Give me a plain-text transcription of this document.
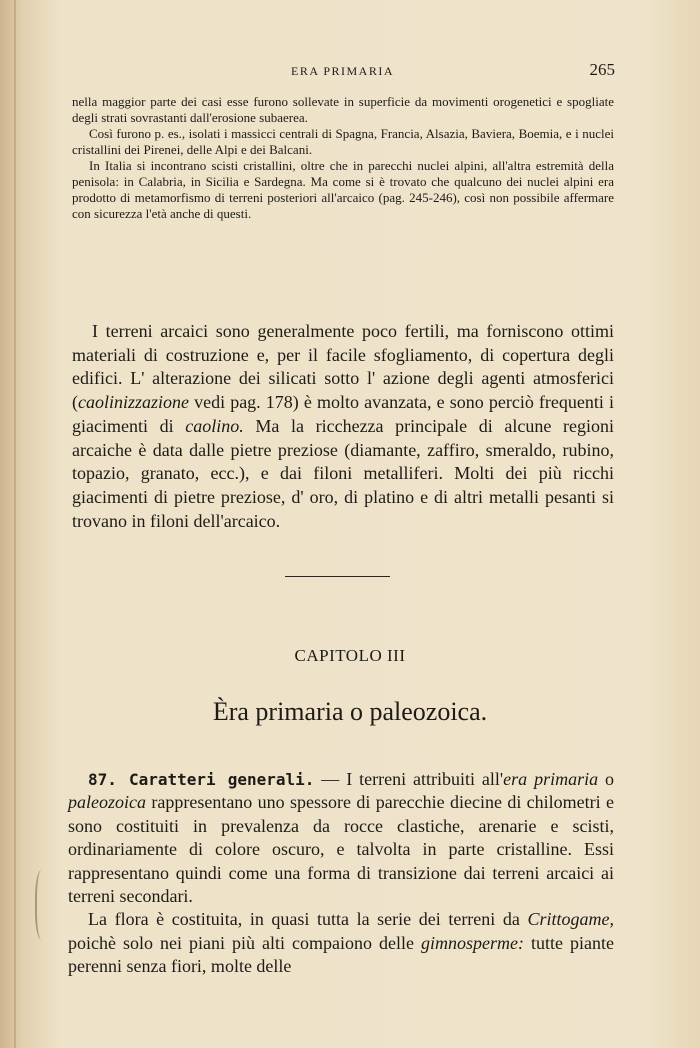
ERA PRIMARIA	265

nella maggior parte dei casi esse furono sollevate in superficie da movimenti orogenetici e spogliate degli strati sovrastanti dall'erosione subaerea.

Così furono p. es., isolati i massicci centrali di Spagna, Francia, Alsazia, Baviera, Boemia, e i nuclei cristallini dei Pirenei, delle Alpi e dei Balcani.

In Italia si incontrano scisti cristallini, oltre che in parecchi nuclei alpini, all'altra estremità della penisola: in Calabria, in Sicilia e Sardegna. Ma come si è trovato che qualcuno dei nuclei alpini era prodotto di metamorfismo di terreni posteriori all'arcaico (pag. 245-246), così non possibile affermare con sicurezza l'età anche di questi.

I terreni arcaici sono generalmente poco fertili, ma forniscono ottimi materiali di costruzione e, per il facile sfogliamento, di copertura degli edifici. L' alterazione dei silicati sotto l' azione degli agenti atmosferici (caolinizzazione vedi pag. 178) è molto avanzata, e sono perciò frequenti i giacimenti di caolino. Ma la ricchezza principale di alcune regioni arcaiche è data dalle pietre preziose (diamante, zaffiro, smeraldo, rubino, topazio, granato, ecc.), e dai filoni metalliferi. Molti dei più ricchi giacimenti di pietre preziose, d' oro, di platino e di altri metalli pesanti si trovano in filoni dell'arcaico.

CAPITOLO III
Èra primaria o paleozoica.

87. Caratteri generali. — I terreni attribuiti all'era primaria o paleozoica rappresentano uno spessore di parecchie diecine di chilometri e sono costituiti in prevalenza da rocce clastiche, arenarie e scisti, ordinariamente di colore oscuro, e talvolta in parte cristalline. Essi rappresentano quindi come una forma di transizione dai terreni arcaici ai terreni secondari.

La flora è costituita, in quasi tutta la serie dei terreni da Crittogame, poichè solo nei piani più alti compaiono delle gimnosperme: tutte piante perenni senza fiori, molte delle
